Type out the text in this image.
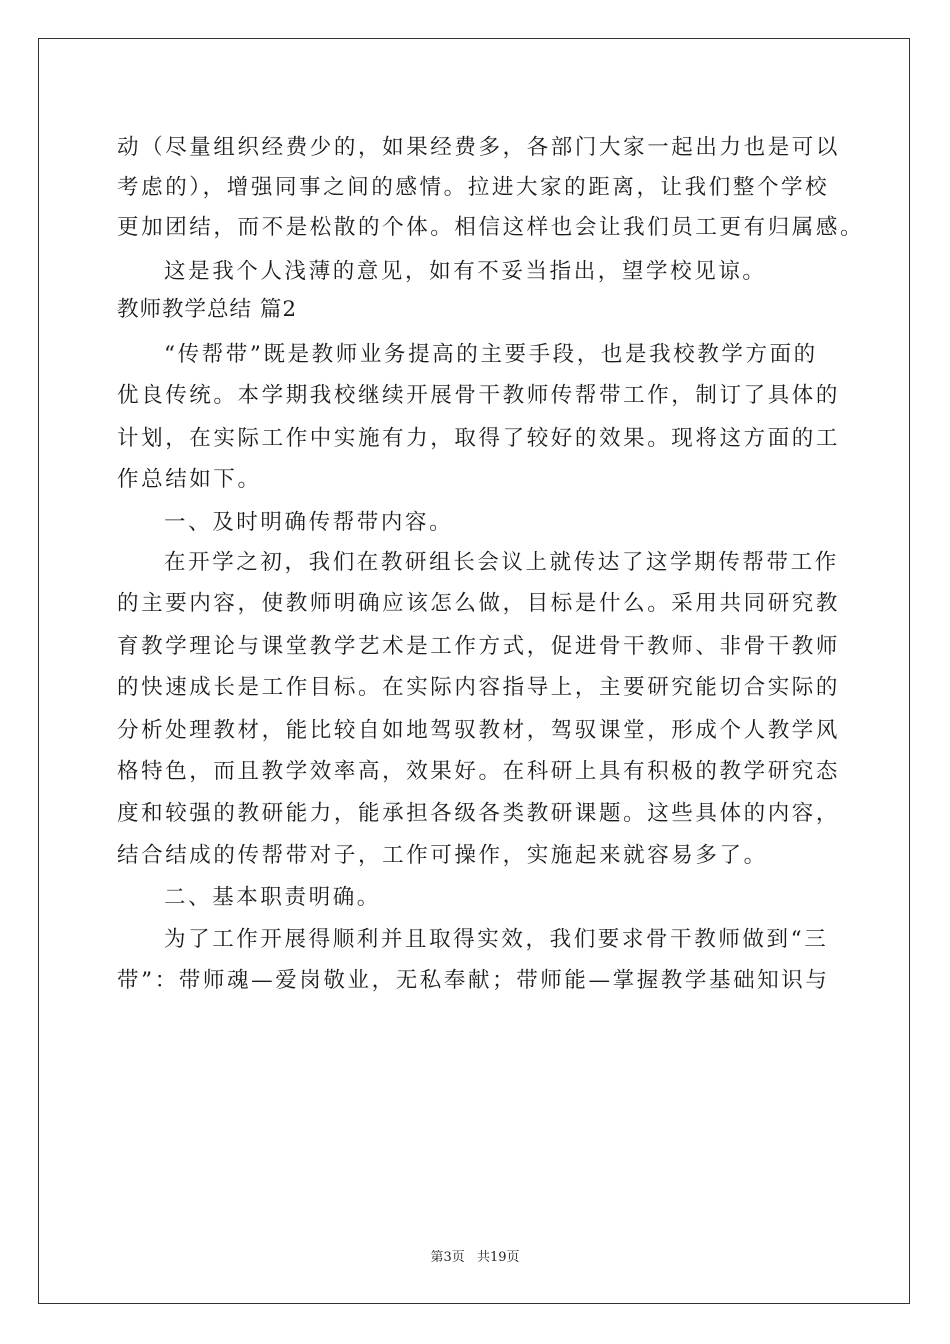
动（尽量组织经费少的，如果经费多，各部门大家一起出力也是可以
考虑的），增强同事之间的感情。拉进大家的距离，让我们整个学校
更加团结，而不是松散的个体。相信这样也会让我们员工更有归属感。
这是我个人浅薄的意见，如有不妥当指出，望学校见谅。
教师教学总结 篇2
“传帮带”既是教师业务提高的主要手段，也是我校教学方面的
优良传统。本学期我校继续开展骨干教师传帮带工作，制订了具体的
计划，在实际工作中实施有力，取得了较好的效果。现将这方面的工
作总结如下。
一、及时明确传帮带内容。
在开学之初，我们在教研组长会议上就传达了这学期传帮带工作
的主要内容，使教师明确应该怎么做，目标是什么。采用共同研究教
育教学理论与课堂教学艺术是工作方式，促进骨干教师、非骨干教师
的快速成长是工作目标。在实际内容指导上，主要研究能切合实际的
分析处理教材，能比较自如地驾驭教材，驾驭课堂，形成个人教学风
格特色，而且教学效率高，效果好。在科研上具有积极的教学研究态
度和较强的教研能力，能承担各级各类教研课题。这些具体的内容，
结合结成的传帮带对子，工作可操作，实施起来就容易多了。
二、基本职责明确。
为了工作开展得顺利并且取得实效，我们要求骨干教师做到“三
带”：带师魂—爱岗敬业，无私奉献；带师能—掌握教学基础知识与
第3页 共19页
